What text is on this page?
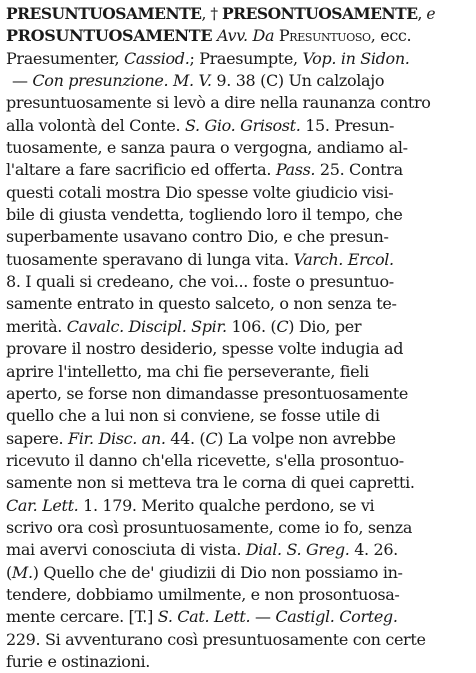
PRESUNTUOSAMENTE, † PRESONTUOSAMENTE, e
PROSUNTUOSAMENTE Avv. Da Presuntuoso, ecc.
Praesumenter, Cassiod.; Praesumpte, Vop. in Sidon.
— Con presunzione. M. V. 9. 38 (C) Un calzolajo
presuntuosamente si levò a dire nella raunanza contro
alla volontà del Conte. S. Gio. Grisost. 15. Presun-
tuosamente, e sanza paura o vergogna, andiamo al-
l'altare a fare sacrificio ed offerta. Pass. 25. Contra
questi cotali mostra Dio spesse volte giudicio visi-
bile di giusta vendetta, togliendo loro il tempo, che
superbamente usavano contro Dio, e che presun-
tuosamente speravano di lunga vita. Varch. Ercol.
8. I quali si credeano, che voi... foste o presuntuo-
samente entrato in questo salceto, o non senza te-
merità. Cavalc. Discipl. Spir. 106. (C) Dio, per
provare il nostro desiderio, spesse volte indugia ad
aprire l'intelletto, ma chi fie perseverante, fieli
aperto, se forse non dimandasse presontuosamente
quello che a lui non si conviene, se fosse utile di
sapere. Fir. Disc. an. 44. (C) La volpe non avrebbe
ricevuto il danno ch'ella ricevette, s'ella prosontuo-
samente non si metteva tra le corna di quei capretti.
Car. Lett. 1. 179. Merito qualche perdono, se vi
scrivo ora così prosuntuosamente, come io fo, senza
mai avervi conosciuta di vista. Dial. S. Greg. 4. 26.
(M.) Quello che de' giudizii di Dio non possiamo in-
tendere, dobbiamo umilmente, e non prosontuosa-
mente cercare. [T.] S. Cat. Lett. — Castigl. Corteg.
229. Si avventurano così presuntuosamente con certe
furie e ostinazioni.
